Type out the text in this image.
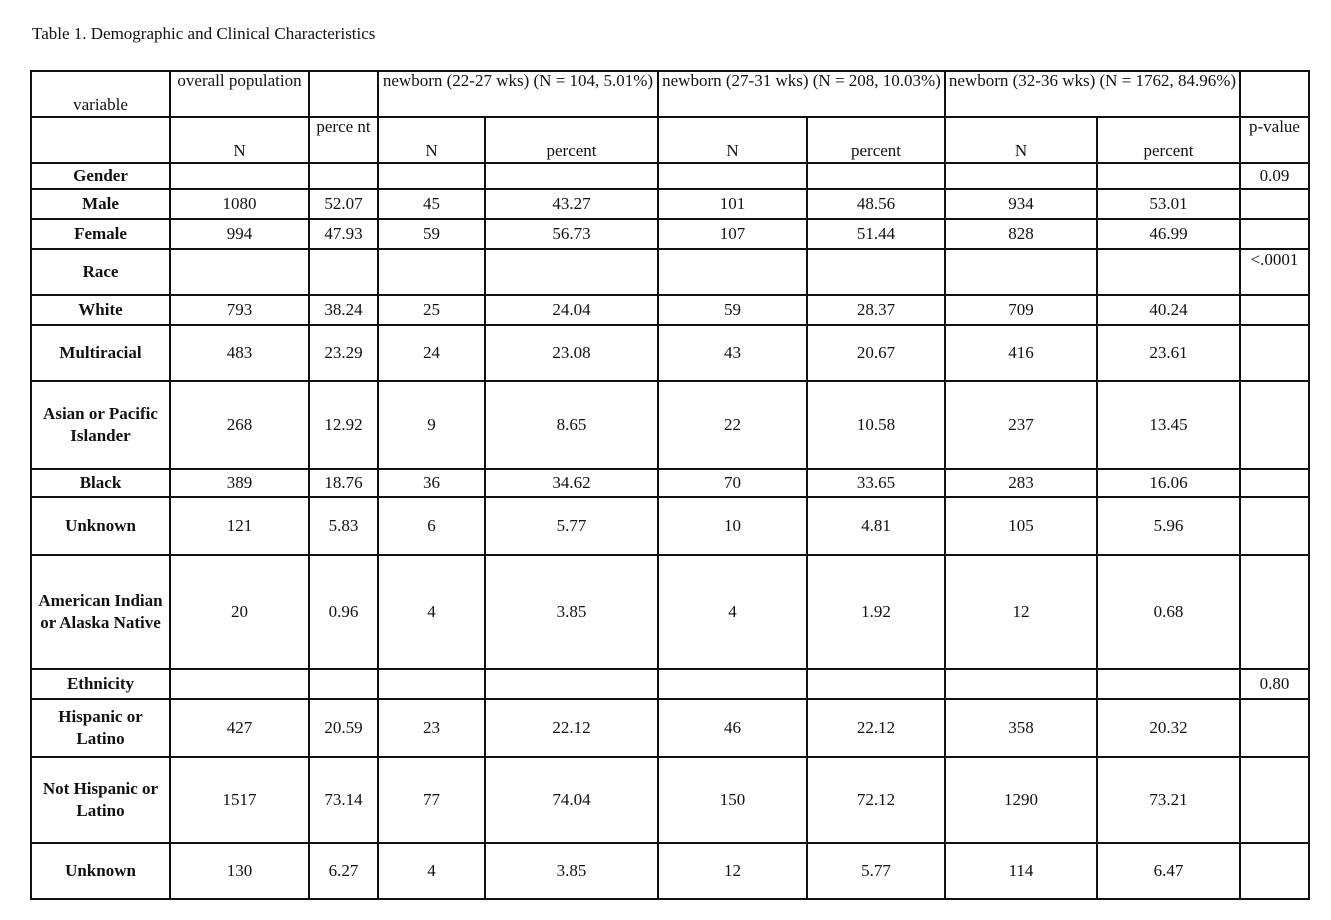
Table 1. Demographic and Clinical Characteristics
variable	overall population		newborn (22-27 wks) (N = 104, 5.01%)		newborn (27-31 wks) (N = 208, 10.03%)		newborn (32-36 wks) (N = 1762, 84.96%)		

	N	perce nt	N	percent	N	percent	N	percent	p-value

Gender									0.09
Male	1080	52.07	45	43.27	101	48.56	934	53.01	
Female	994	47.93	59	56.73	107	51.44	828	46.99	
Race									<.0001
White	793	38.24	25	24.04	59	28.37	709	40.24	
Multiracial	483	23.29	24	23.08	43	20.67	416	23.61	
Asian or Pacific Islander	268	12.92	9	8.65	22	10.58	237	13.45	
Black	389	18.76	36	34.62	70	33.65	283	16.06	
Unknown	121	5.83	6	5.77	10	4.81	105	5.96	
American Indian or Alaska Native	20	0.96	4	3.85	4	1.92	12	0.68	
Ethnicity									0.80
Hispanic or Latino	427	20.59	23	22.12	46	22.12	358	20.32	
Not Hispanic or Latino	1517	73.14	77	74.04	150	72.12	1290	73.21	
Unknown	130	6.27	4	3.85	12	5.77	114	6.47	
